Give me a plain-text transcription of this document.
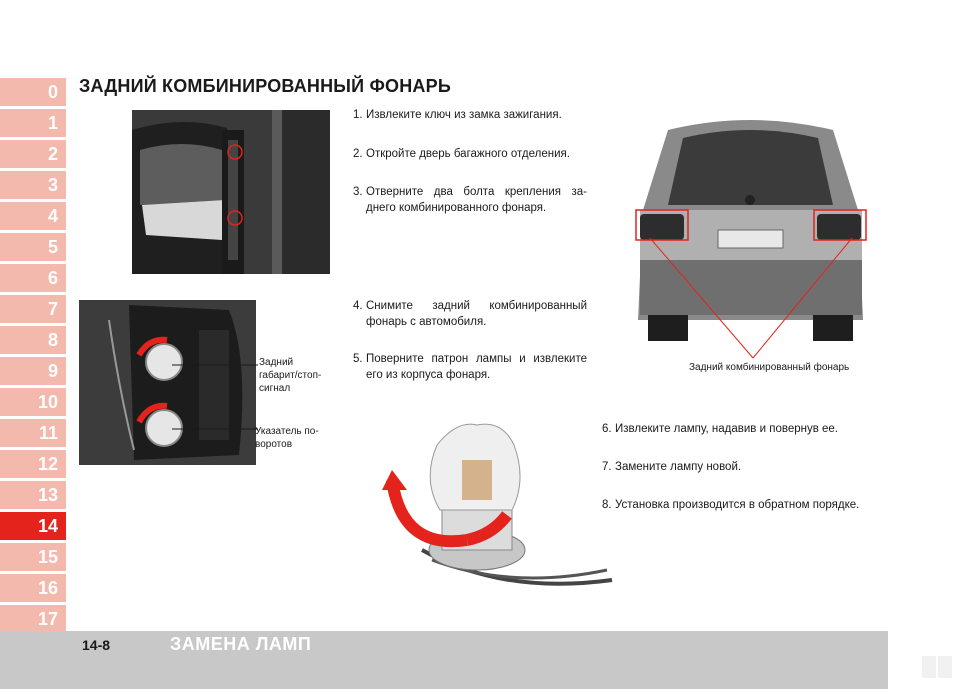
0
1
2
3
4
5
6
7
8
9
10
11
12
13
14
15
16
17
ЗАДНИЙ КОМБИНИРОВАННЫЙ ФОНАРЬ
Задний габарит/стоп-сигнал
Указатель по-воротов
1. Извлеките ключ из замка зажигания.
2. Откройте дверь багажного отделения.
3. Отверните два болта крепления за-днего комбинированного фонаря.
4. Снимите задний комбинированный фонарь с автомобиля.
5. Поверните патрон лампы и извлеките его из корпуса фонаря.
Задний комбинированный фонарь
6. Извлеките лампу, надавив и повернув ее.
7. Замените лампу новой.
8. Установка производится в обратном порядке.
14-8	ЗАМЕНА ЛАМП
